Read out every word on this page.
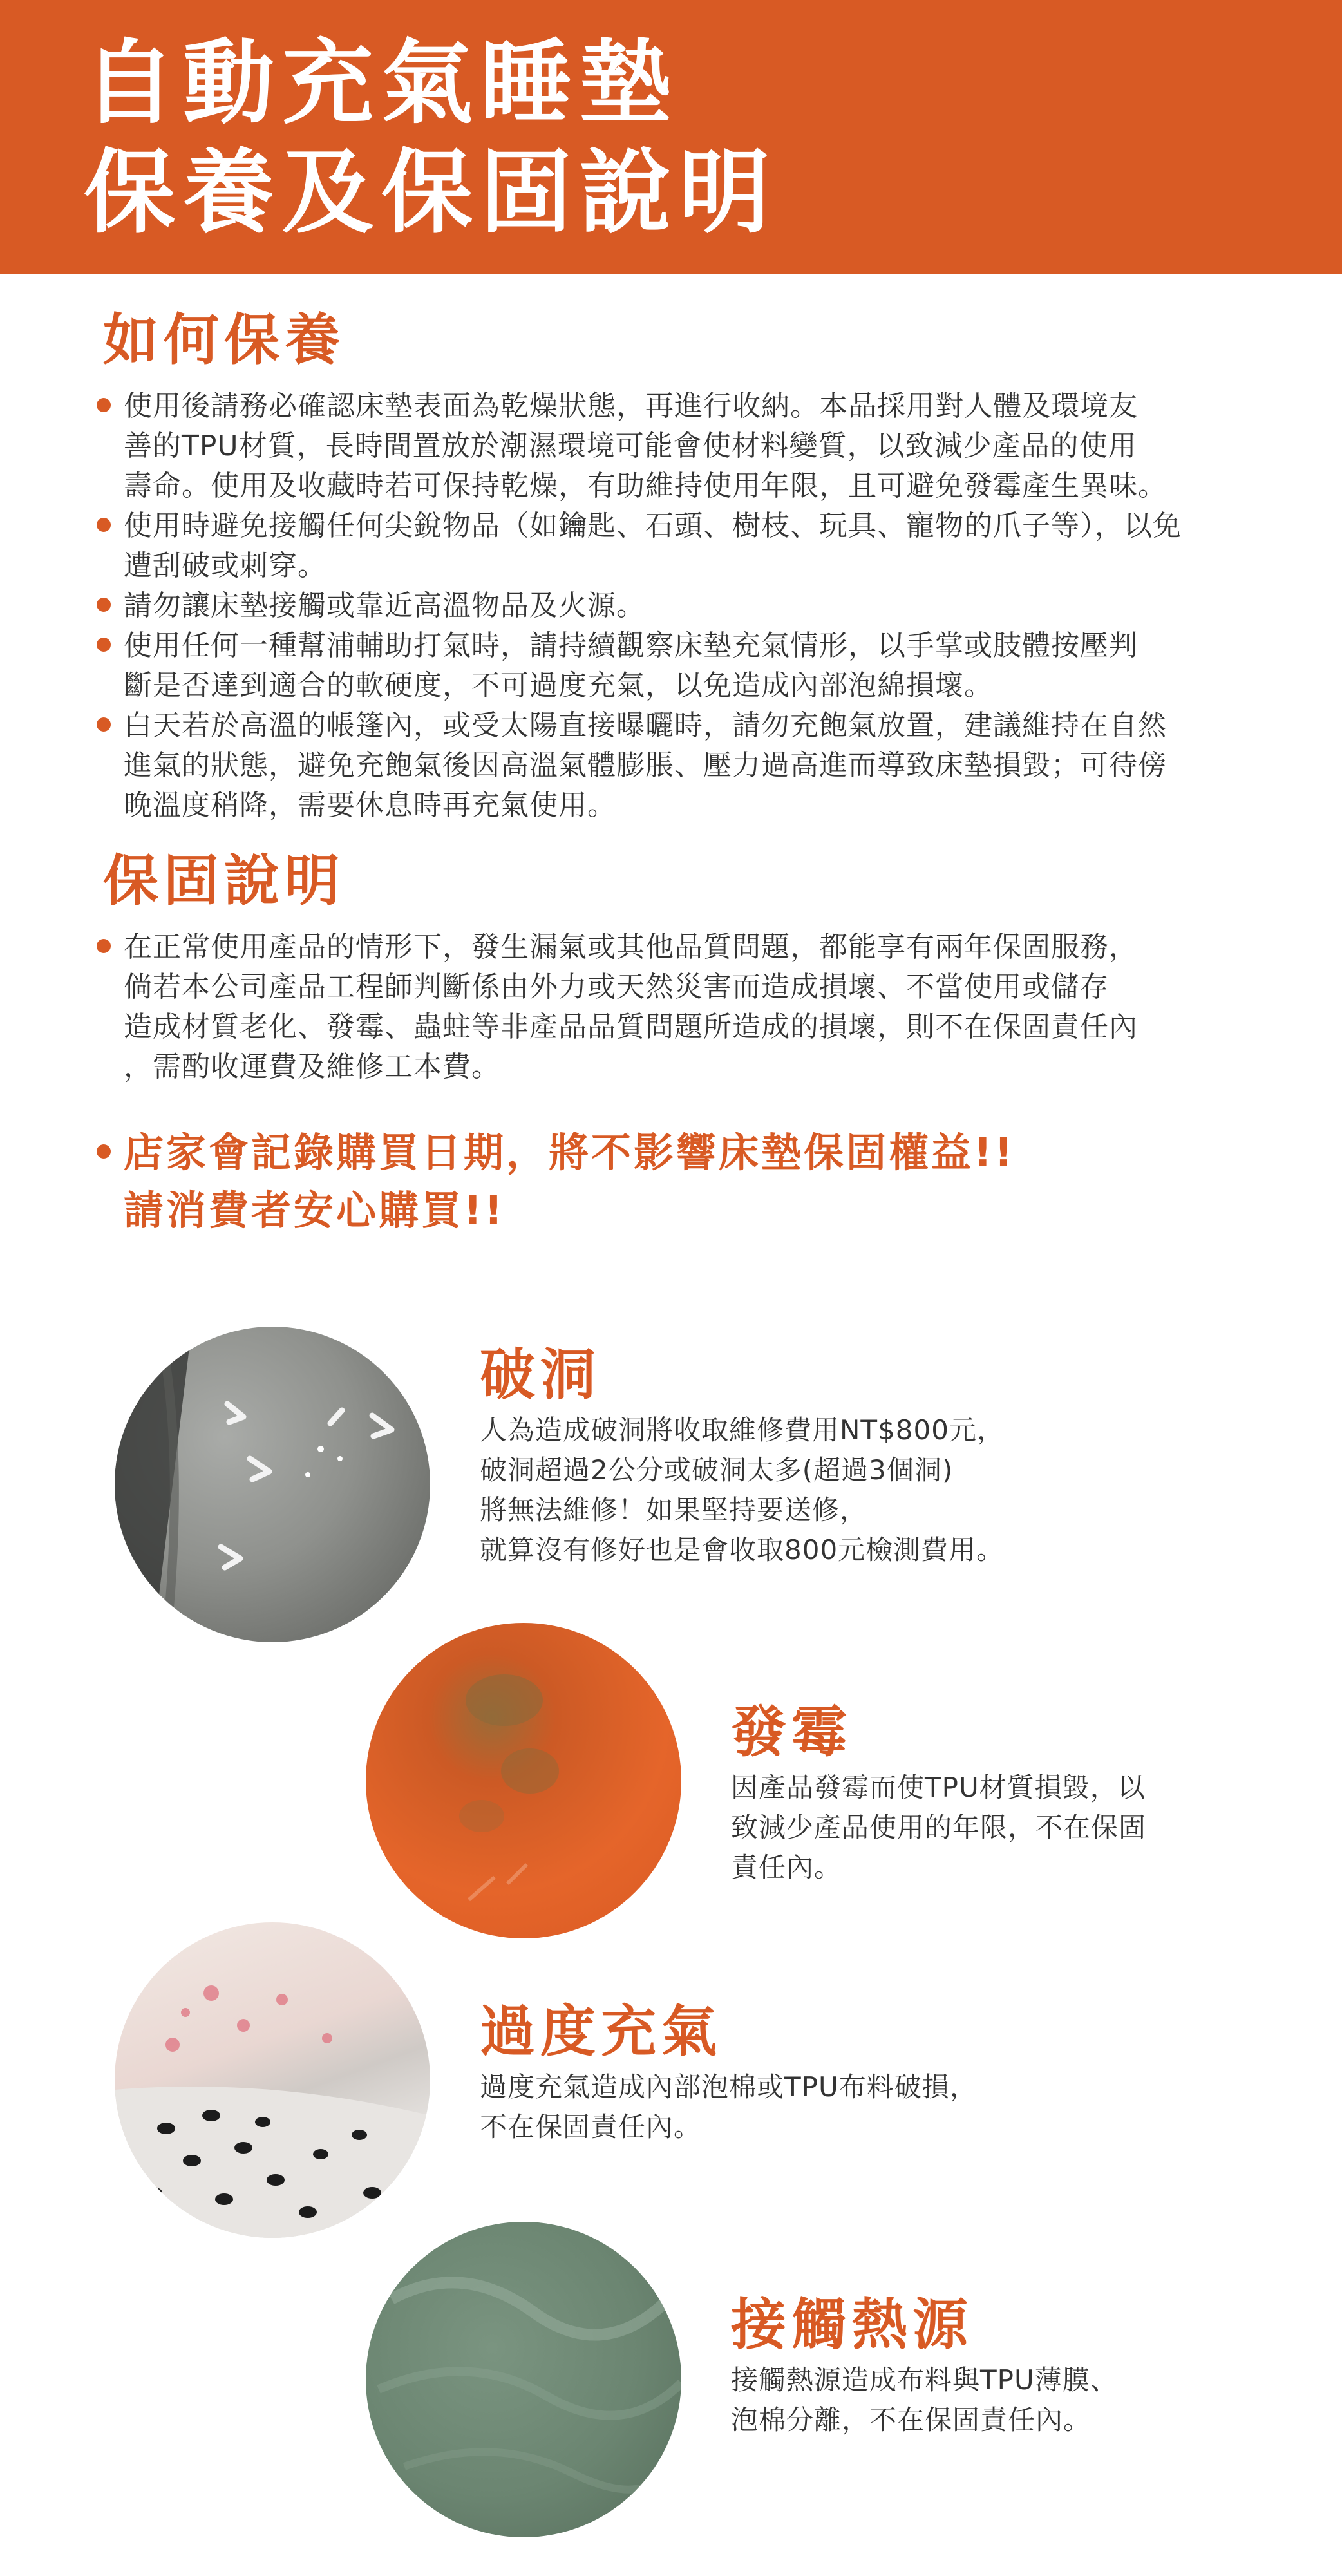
自動充氣睡墊
保養及保固說明
如何保養
使用後請務必確認床墊表面為乾燥狀態，再進行收納。本品採用對人體及環境友
善的TPU材質，長時間置放於潮濕環境可能會使材料變質，以致減少產品的使用
壽命。使用及收藏時若可保持乾燥，有助維持使用年限，且可避免發霉產生異味。
使用時避免接觸任何尖銳物品（如鑰匙、石頭、樹枝、玩具、寵物的爪子等），以免
遭刮破或刺穿。
請勿讓床墊接觸或靠近高溫物品及火源。
使用任何一種幫浦輔助打氣時，請持續觀察床墊充氣情形，以手掌或肢體按壓判
斷是否達到適合的軟硬度，不可過度充氣，以免造成內部泡綿損壞。
白天若於高溫的帳篷內，或受太陽直接曝曬時，請勿充飽氣放置，建議維持在自然
進氣的狀態，避免充飽氣後因高溫氣體膨脹、壓力過高進而導致床墊損毀；可待傍
晚溫度稍降，需要休息時再充氣使用。
保固說明
在正常使用產品的情形下，發生漏氣或其他品質問題，都能享有兩年保固服務，
倘若本公司產品工程師判斷係由外力或天然災害而造成損壞、不當使用或儲存
造成材質老化、發霉、蟲蛀等非產品品質問題所造成的損壞，則不在保固責任內
，需酌收運費及維修工本費。
店家會記錄購買日期，將不影響床墊保固權益!!
請消費者安心購買!!
破洞
人為造成破洞將收取維修費用NT$800元，
破洞超過2公分或破洞太多(超過3個洞)
將無法維修！如果堅持要送修，
就算沒有修好也是會收取800元檢測費用。
發霉
因產品發霉而使TPU材質損毀，以
致減少產品使用的年限，不在保固
責任內。
過度充氣
過度充氣造成內部泡棉或TPU布料破損，
不在保固責任內。
接觸熱源
接觸熱源造成布料與TPU薄膜、
泡棉分離，不在保固責任內。
